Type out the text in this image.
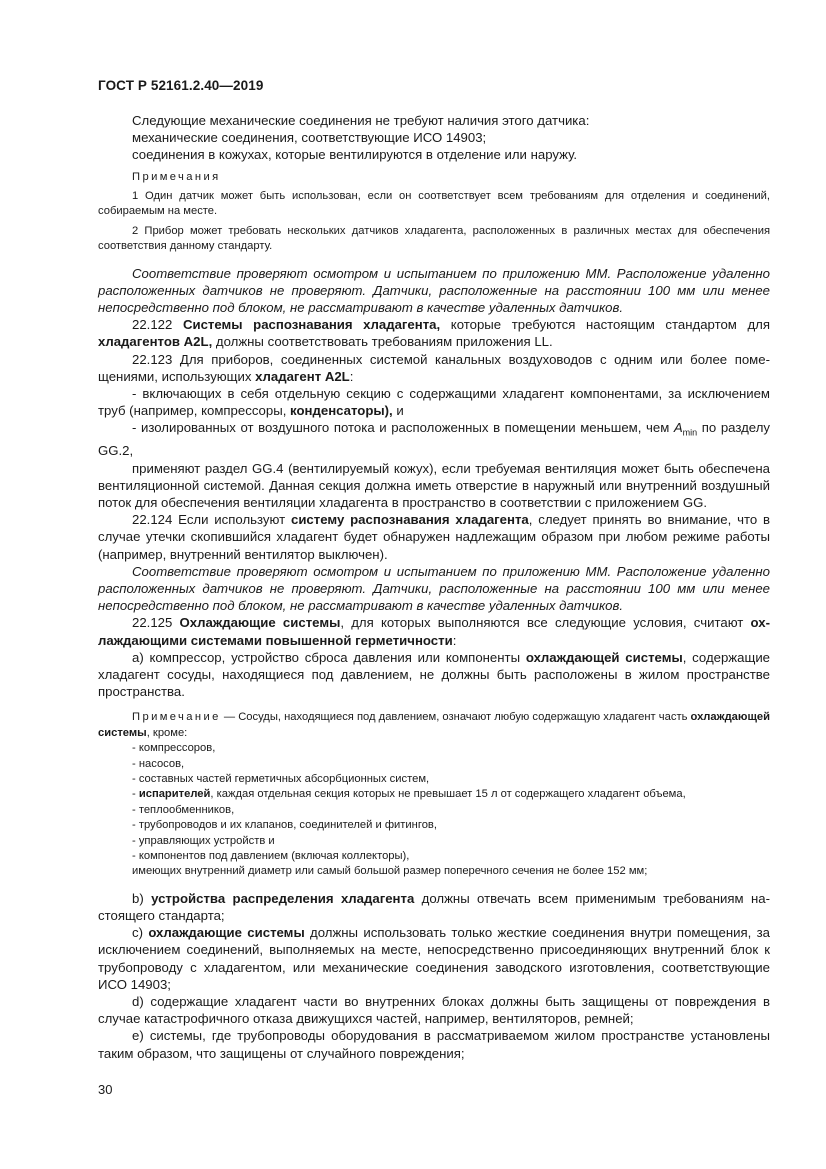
ГОСТ Р 52161.2.40—2019

Следующие механические соединения не требуют наличия этого датчика:

механические соединения, соответствующие ИСО 14903;

соединения в кожухах, которые вентилируются в отделение или наружу.

Примечания

1 Один датчик может быть использован, если он соответствует всем требованиям для отделения и соединений, собираемым на месте.

2 Прибор может требовать нескольких датчиков хладагента, расположенных в различных местах для обеспечения соответствия данному стандарту.

Соответствие проверяют осмотром и испытанием по приложению ММ. Расположение удаленно расположенных датчиков не проверяют. Датчики, расположенные на расстоянии 100 мм или менее непосредственно под блоком, не рассматривают в качестве удаленных датчиков.

22.122 Системы распознавания хладагента, которые требуются настоящим стандартом для хладагентов A2L, должны соответствовать требованиям приложения LL.

22.123 Для приборов, соединенных системой канальных воздуховодов с одним или более помещениями, использующих хладагент A2L:

- включающих в себя отдельную секцию с содержащими хладагент компонентами, за исключением труб (например, компрессоры, конденсаторы), и

- изолированных от воздушного потока и расположенных в помещении меньшем, чем $A_{min}$ по разделу GG.2,

применяют раздел GG.4 (вентилируемый кожух), если требуемая вентиляция может быть обеспечена вентиляционной системой. Данная секция должна иметь отверстие в наружный или внутренний воздушный поток для обеспечения вентиляции хладагента в пространство в соответствии с приложением GG.

22.124 Если используют систему распознавания хладагента, следует принять во внимание, что в случае утечки скопившийся хладагент будет обнаружен надлежащим образом при любом режиме работы (например, внутренний вентилятор выключен).

Соответствие проверяют осмотром и испытанием по приложению ММ. Расположение удаленно расположенных датчиков не проверяют. Датчики, расположенные на расстоянии 100 мм или менее непосредственно под блоком, не рассматривают в качестве удаленных датчиков.

22.125 Охлаждающие системы, для которых выполняются все следующие условия, считают охлаждающими системами повышенной герметичности:

а) компрессор, устройство сброса давления или компоненты охлаждающей системы, содержащие хладагент сосуды, находящиеся под давлением, не должны быть расположены в жилом пространстве пространства.

Примечание — Сосуды, находящиеся под давлением, означают любую содержащую хладагент часть охлаждающей системы, кроме:

- компрессоров,
- насосов,
- составных частей герметичных абсорбционных систем,
- испарителей, каждая отдельная секция которых не превышает 15 л от содержащего хладагент объема,
- теплообменников,
- трубопроводов и их клапанов, соединителей и фитингов,
- управляющих устройств и
- компонентов под давлением (включая коллекторы),

имеющих внутренний диаметр или самый большой размер поперечного сечения не более 152 мм;

b) устройства распределения хладагента должны отвечать всем применимым требованиям настоящего стандарта;

с) охлаждающие системы должны использовать только жесткие соединения внутри помещения, за исключением соединений, выполняемых на месте, непосредственно присоединяющих внутренний блок к трубопроводу с хладагентом, или механические соединения заводского изготовления, соответствующие ИСО 14903;

d) содержащие хладагент части во внутренних блоках должны быть защищены от повреждения в случае катастрофичного отказа движущихся частей, например, вентиляторов, ремней;

е) системы, где трубопроводы оборудования в рассматриваемом жилом пространстве установлены таким образом, что защищены от случайного повреждения;

30
